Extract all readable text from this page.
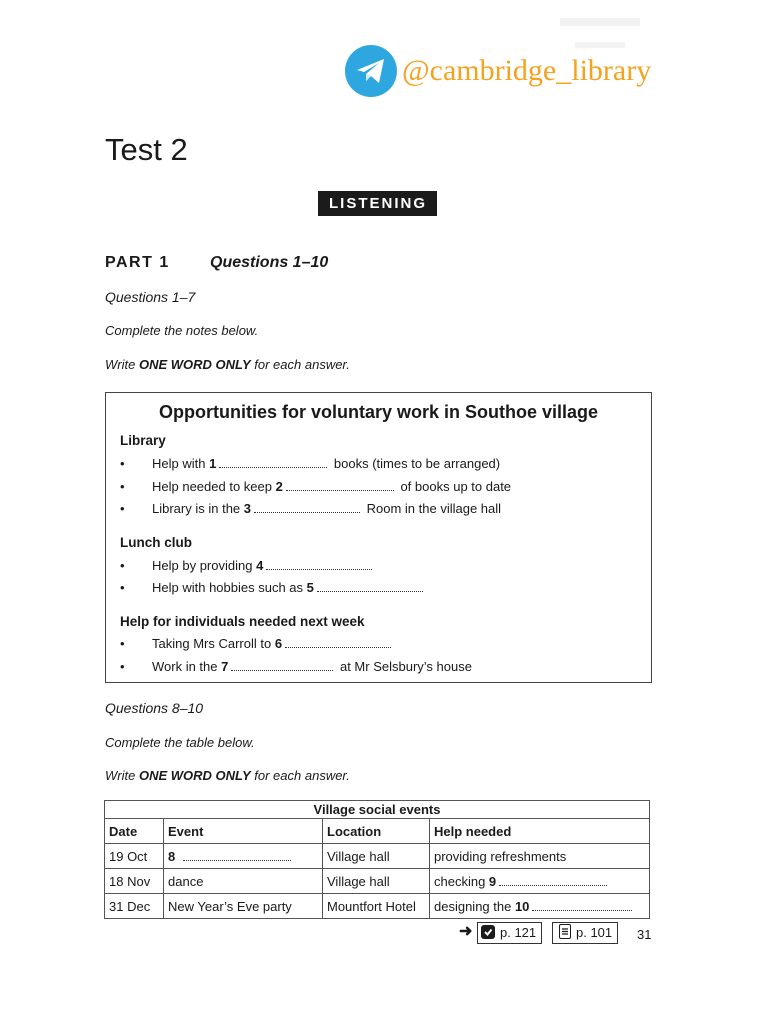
@cambridge_library
Test 2
LISTENING
PART 1	Questions 1–10
Questions 1–7
Complete the notes below.
Write ONE WORD ONLY for each answer.
Opportunities for voluntary work in Southoe village
Library
• Help with 1	books (times to be arranged)
• Help needed to keep 2	of books up to date
• Library is in the 3	Room in the village hall
Lunch club
• Help by providing 4
• Help with hobbies such as 5
Help for individuals needed next week
• Taking Mrs Carroll to 6
• Work in the 7	at Mr Selsbury’s house
Questions 8–10
Complete the table below.
Write ONE WORD ONLY for each answer.
Village social events			
Date	Event	Location	Help needed
19 Oct	8	Village hall	providing refreshments
18 Nov	dance	Village hall	checking 9
31 Dec	New Year’s Eve party	Mountfort Hotel	designing the 10
➜	p. 121	p. 101	31
